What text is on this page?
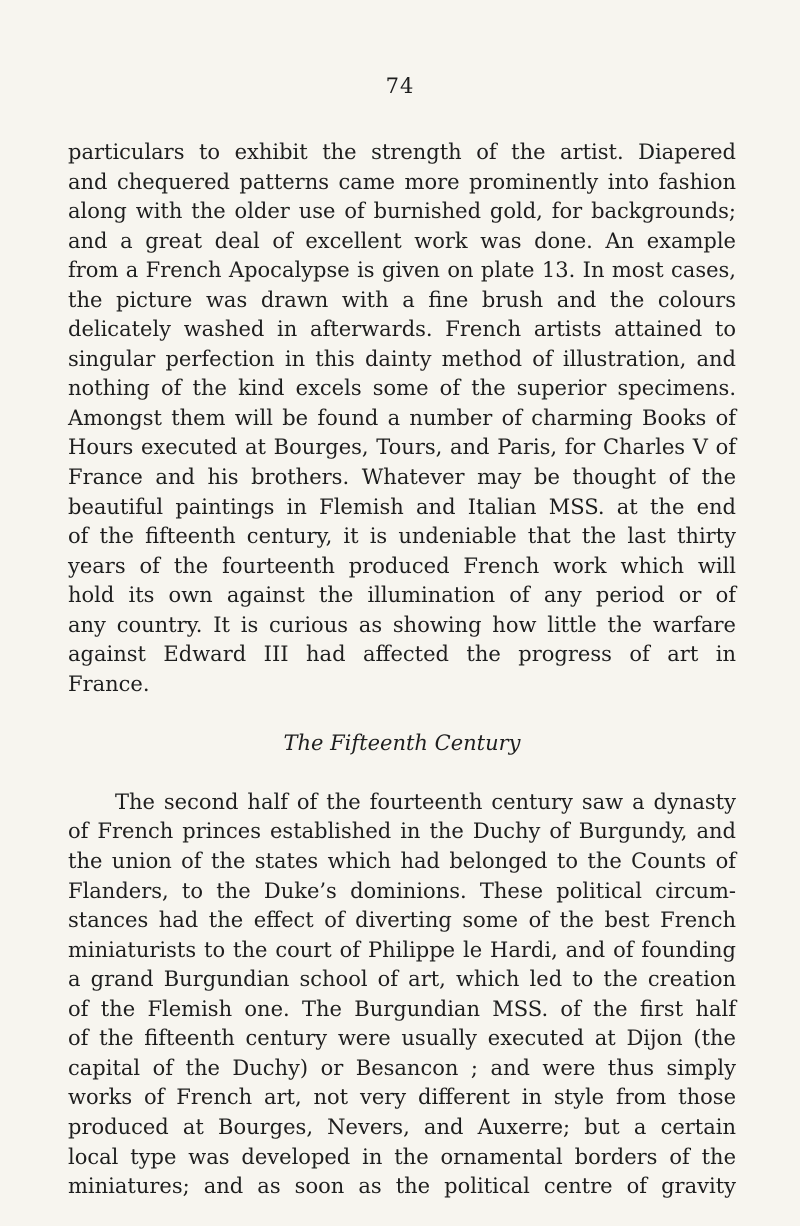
74
particulars to exhibit the strength of the artist. Diapered
and chequered patterns came more prominently into fashion
along with the older use of burnished gold, for backgrounds;
and a great deal of excellent work was done. An example
from a French Apocalypse is given on plate 13. In most cases,
the picture was drawn with a fine brush and the colours
delicately washed in afterwards. French artists attained to
singular perfection in this dainty method of illustration, and
nothing of the kind excels some of the superior specimens.
Amongst them will be found a number of charming Books of
Hours executed at Bourges, Tours, and Paris, for Charles V of
France and his brothers. Whatever may be thought of the
beautiful paintings in Flemish and Italian MSS. at the end
of the fifteenth century, it is undeniable that the last thirty
years of the fourteenth produced French work which will
hold its own against the illumination of any period or of
any country. It is curious as showing how little the warfare
against Edward III had affected the progress of art in
France.
The Fifteenth Century
The second half of the fourteenth century saw a dynasty
of French princes established in the Duchy of Burgundy, and
the union of the states which had belonged to the Counts of
Flanders, to the Duke’s dominions. These political circum-
stances had the effect of diverting some of the best French
miniaturists to the court of Philippe le Hardi, and of founding
a grand Burgundian school of art, which led to the creation
of the Flemish one. The Burgundian MSS. of the first half
of the fifteenth century were usually executed at Dijon (the
capital of the Duchy) or Besancon ; and were thus simply
works of French art, not very different in style from those
produced at Bourges, Nevers, and Auxerre; but a certain
local type was developed in the ornamental borders of the
miniatures; and as soon as the political centre of gravity
